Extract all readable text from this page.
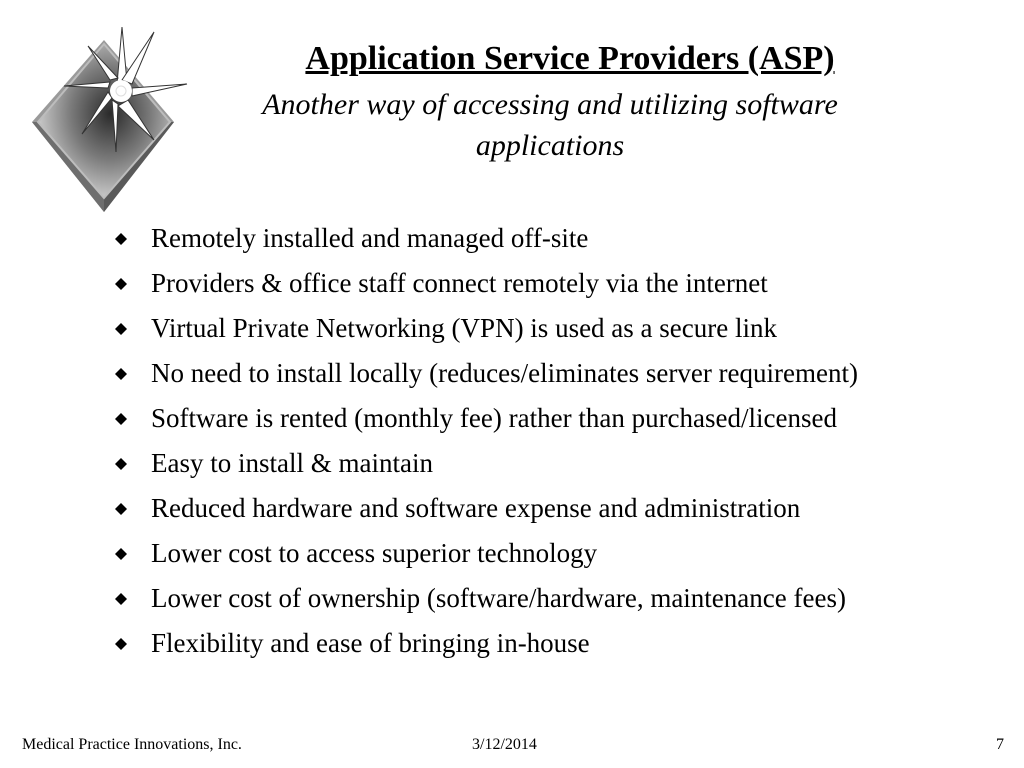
Application Service Providers (ASP)
Another way of accessing and utilizing software applications
Remotely installed and managed off-site
Providers & office staff connect remotely via the internet
Virtual Private Networking (VPN) is used as a secure link
No need to install locally (reduces/eliminates server requirement)
Software is rented (monthly fee) rather than purchased/licensed
Easy to install & maintain
Reduced hardware and software expense and administration
Lower cost to access superior technology
Lower cost of ownership (software/hardware, maintenance fees)
Flexibility and ease of bringing in-house
Medical Practice Innovations, Inc.	3/12/2014	7
